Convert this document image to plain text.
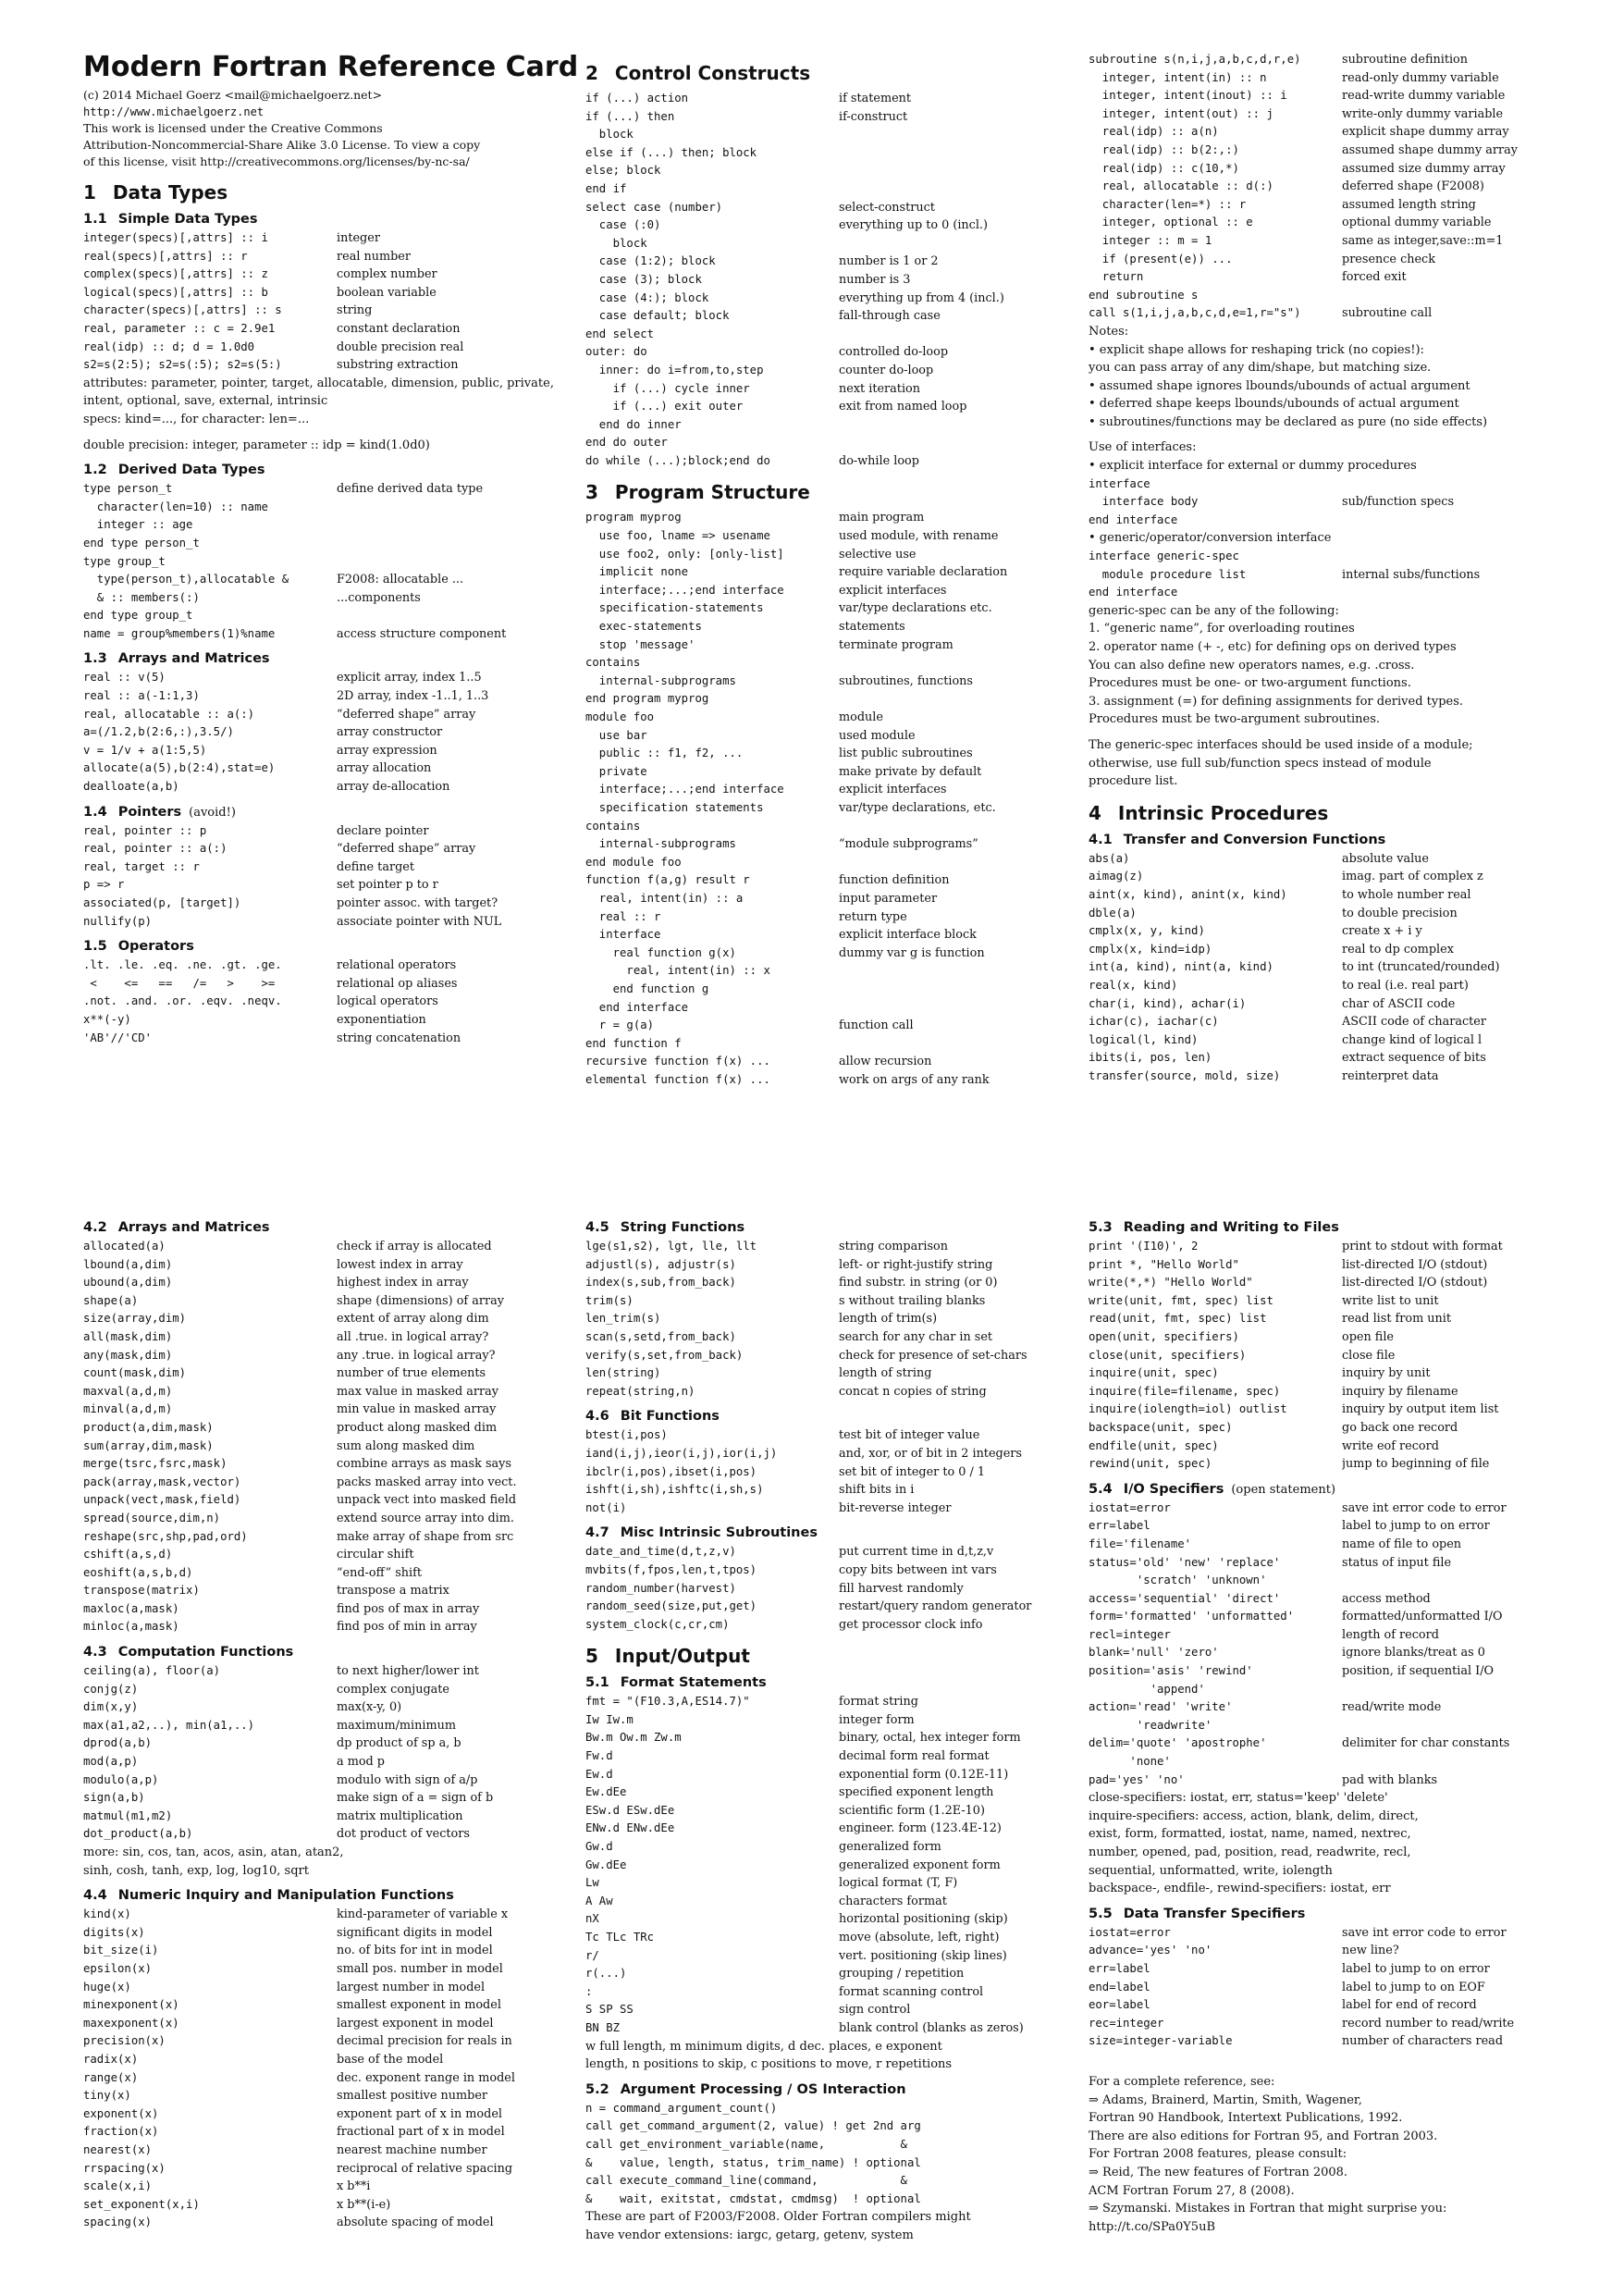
Modern Fortran Reference Card
(c) 2014 Michael Goerz <mail@michaelgoerz.net>
http://www.michaelgoerz.net
This work is licensed under the Creative Commons
Attribution-Noncommercial-Share Alike 3.0 License. To view a copy
of this license, visit http://creativecommons.org/licenses/by-nc-sa/
1 Data Types
1.1 Simple Data Types
integer(specs)[,attrs] :: i	integer
real(specs)[,attrs] :: r	real number
complex(specs)[,attrs] :: z	complex number
logical(specs)[,attrs] :: b	boolean variable
character(specs)[,attrs] :: s	string
real, parameter :: c = 2.9e1	constant declaration
real(idp) :: d; d = 1.0d0	double precision real
s2=s(2:5); s2=s(:5); s2=s(5:)	substring extraction
attributes: parameter, pointer, target, allocatable, dimension, public, private, intent, optional, save, external, intrinsic
specs: kind=..., for character: len=...
double precision: integer, parameter :: idp = kind(1.0d0)
1.2 Derived Data Types
type person_t	define derived data type
character(len=10) :: name
integer :: age
end type person_t
type group_t
type(person_t),allocatable &	F2008: allocatable ...
& :: members(:)	...components
end type group_t
name = group%members(1)%name	access structure component
1.3 Arrays and Matrices
real :: v(5)	explicit array, index 1..5
real :: a(-1:1,3)	2D array, index -1..1, 1..3
real, allocatable :: a(:)	“deferred shape” array
a=(/1.2,b(2:6,:),3.5/)	array constructor
v = 1/v + a(1:5,5)	array expression
allocate(a(5),b(2:4),stat=e)	array allocation
dealloate(a,b)	array de-allocation
1.4 Pointers (avoid!)
real, pointer :: p	declare pointer
real, pointer :: a(:)	“deferred shape” array
real, target :: r	define target
p => r	set pointer p to r
associated(p, [target])	pointer assoc. with target?
nullify(p)	associate pointer with NUL
1.5 Operators
.lt. .le. .eq. .ne. .gt. .ge.	relational operators
<    <=   ==   /=   >    >=	relational op aliases
.not. .and. .or. .eqv. .neqv.	logical operators
x**(-y)	exponentiation
'AB'//'CD'	string concatenation
2 Control Constructs
if (...) action	if statement
if (...) then	if-construct
block
else if (...) then; block
else; block
end if
select case (number)	select-construct
case (:0)	everything up to 0 (incl.)
block
case (1:2); block	number is 1 or 2
case (3); block	number is 3
case (4:); block	everything up from 4 (incl.)
case default; block	fall-through case
end select
outer: do	controlled do-loop
inner: do i=from,to,step	counter do-loop
if (...) cycle inner	next iteration
if (...) exit outer	exit from named loop
end do inner
end do outer
do while (...);block;end do	do-while loop
3 Program Structure
program myprog	main program
use foo, lname => usename	used module, with rename
use foo2, only: [only-list]	selective use
implicit none	require variable declaration
interface;...;end interface	explicit interfaces
specification-statements	var/type declarations etc.
exec-statements	statements
stop 'message'	terminate program
contains
internal-subprograms	subroutines, functions
end program myprog
module foo	module
use bar	used module
public :: f1, f2, ...	list public subroutines
private	make private by default
interface;...;end interface	explicit interfaces
specification statements	var/type declarations, etc.
contains
internal-subprograms	“module subprograms”
end module foo
function f(a,g) result r	function definition
real, intent(in) :: a	input parameter
real :: r	return type
interface	explicit interface block
real function g(x)	dummy var g is function
real, intent(in) :: x
end function g
end interface
r = g(a)	function call
end function f
recursive function f(x) ...	allow recursion
elemental function f(x) ...	work on args of any rank
subroutine s(n,i,j,a,b,c,d,r,e)	subroutine definition
integer, intent(in) :: n	read-only dummy variable
integer, intent(inout) :: i	read-write dummy variable
integer, intent(out) :: j	write-only dummy variable
real(idp) :: a(n)	explicit shape dummy array
real(idp) :: b(2:,:)	assumed shape dummy array
real(idp) :: c(10,*)	assumed size dummy array
real, allocatable :: d(:)	deferred shape (F2008)
character(len=*) :: r	assumed length string
integer, optional :: e	optional dummy variable
integer :: m = 1	same as integer,save::m=1
if (present(e)) ...	presence check
return	forced exit
end subroutine s
call s(1,i,j,a,b,c,d,e=1,r="s")	subroutine call
Notes:
• explicit shape allows for reshaping trick (no copies!):
you can pass array of any dim/shape, but matching size.
• assumed shape ignores lbounds/ubounds of actual argument
• deferred shape keeps lbounds/ubounds of actual argument
• subroutines/functions may be declared as pure (no side effects)
Use of interfaces:
• explicit interface for external or dummy procedures
interface
interface body	sub/function specs
end interface
• generic/operator/conversion interface
interface generic-spec
module procedure list	internal subs/functions
end interface
generic-spec can be any of the following:
1. “generic name”, for overloading routines
2. operator name (+ -, etc) for defining ops on derived types
You can also define new operators names, e.g. .cross.
Procedures must be one- or two-argument functions.
3. assignment (=) for defining assignments for derived types.
Procedures must be two-argument subroutines.
The generic-spec interfaces should be used inside of a module;
otherwise, use full sub/function specs instead of module
procedure list.
4 Intrinsic Procedures
4.1 Transfer and Conversion Functions
abs(a)	absolute value
aimag(z)	imag. part of complex z
aint(x, kind), anint(x, kind)	to whole number real
dble(a)	to double precision
cmplx(x, y, kind)	create x + i y
cmplx(x, kind=idp)	real to dp complex
int(a, kind), nint(a, kind)	to int (truncated/rounded)
real(x, kind)	to real (i.e. real part)
char(i, kind), achar(i)	char of ASCII code
ichar(c), iachar(c)	ASCII code of character
logical(l, kind)	change kind of logical l
ibits(i, pos, len)	extract sequence of bits
transfer(source, mold, size)	reinterpret data
4.2 Arrays and Matrices
allocated(a)	check if array is allocated
lbound(a,dim)	lowest index in array
ubound(a,dim)	highest index in array
shape(a)	shape (dimensions) of array
size(array,dim)	extent of array along dim
all(mask,dim)	all .true. in logical array?
any(mask,dim)	any .true. in logical array?
count(mask,dim)	number of true elements
maxval(a,d,m)	max value in masked array
minval(a,d,m)	min value in masked array
product(a,dim,mask)	product along masked dim
sum(array,dim,mask)	sum along masked dim
merge(tsrc,fsrc,mask)	combine arrays as mask says
pack(array,mask,vector)	packs masked array into vect.
unpack(vect,mask,field)	unpack vect into masked field
spread(source,dim,n)	extend source array into dim.
reshape(src,shp,pad,ord)	make array of shape from src
cshift(a,s,d)	circular shift
eoshift(a,s,b,d)	“end-off” shift
transpose(matrix)	transpose a matrix
maxloc(a,mask)	find pos of max in array
minloc(a,mask)	find pos of min in array
4.3 Computation Functions
ceiling(a), floor(a)	to next higher/lower int
conjg(z)	complex conjugate
dim(x,y)	max(x-y, 0)
max(a1,a2,..), min(a1,..)	maximum/minimum
dprod(a,b)	dp product of sp a, b
mod(a,p)	a mod p
modulo(a,p)	modulo with sign of a/p
sign(a,b)	make sign of a = sign of b
matmul(m1,m2)	matrix multiplication
dot_product(a,b)	dot product of vectors
more: sin, cos, tan, acos, asin, atan, atan2,
sinh, cosh, tanh, exp, log, log10, sqrt
4.4 Numeric Inquiry and Manipulation Functions
kind(x)	kind-parameter of variable x
digits(x)	significant digits in model
bit_size(i)	no. of bits for int in model
epsilon(x)	small pos. number in model
huge(x)	largest number in model
minexponent(x)	smallest exponent in model
maxexponent(x)	largest exponent in model
precision(x)	decimal precision for reals in
radix(x)	base of the model
range(x)	dec. exponent range in model
tiny(x)	smallest positive number
exponent(x)	exponent part of x in model
fraction(x)	fractional part of x in model
nearest(x)	nearest machine number
rrspacing(x)	reciprocal of relative spacing
scale(x,i)	x b**i
set_exponent(x,i)	x b**(i-e)
spacing(x)	absolute spacing of model
4.5 String Functions
lge(s1,s2), lgt, lle, llt	string comparison
adjustl(s), adjustr(s)	left- or right-justify string
index(s,sub,from_back)	find substr. in string (or 0)
trim(s)	s without trailing blanks
len_trim(s)	length of trim(s)
scan(s,setd,from_back)	search for any char in set
verify(s,set,from_back)	check for presence of set-chars
len(string)	length of string
repeat(string,n)	concat n copies of string
4.6 Bit Functions
btest(i,pos)	test bit of integer value
iand(i,j),ieor(i,j),ior(i,j)	and, xor, or of bit in 2 integers
ibclr(i,pos),ibset(i,pos)	set bit of integer to 0 / 1
ishft(i,sh),ishftc(i,sh,s)	shift bits in i
not(i)	bit-reverse integer
4.7 Misc Intrinsic Subroutines
date_and_time(d,t,z,v)	put current time in d,t,z,v
mvbits(f,fpos,len,t,tpos)	copy bits between int vars
random_number(harvest)	fill harvest randomly
random_seed(size,put,get)	restart/query random generator
system_clock(c,cr,cm)	get processor clock info
5 Input/Output
5.1 Format Statements
fmt = "(F10.3,A,ES14.7)"	format string
Iw Iw.m	integer form
Bw.m Ow.m Zw.m	binary, octal, hex integer form
Fw.d	decimal form real format
Ew.d	exponential form (0.12E-11)
Ew.dEe	specified exponent length
ESw.d ESw.dEe	scientific form (1.2E-10)
ENw.d ENw.dEe	engineer. form (123.4E-12)
Gw.d	generalized form
Gw.dEe	generalized exponent form
Lw	logical format (T, F)
A Aw	characters format
nX	horizontal positioning (skip)
Tc TLc TRc	move (absolute, left, right)
r/	vert. positioning (skip lines)
r(...)	grouping / repetition
:	format scanning control
S SP SS	sign control
BN BZ	blank control (blanks as zeros)
w full length, m minimum digits, d dec. places, e exponent
length, n positions to skip, c positions to move, r repetitions
5.2 Argument Processing / OS Interaction
n = command_argument_count()
call get_command_argument(2, value) ! get 2nd arg
call get_environment_variable(name,           &
&    value, length, status, trim_name) ! optional
call execute_command_line(command,            &
&    wait, exitstat, cmdstat, cmdmsg)  ! optional
These are part of F2003/F2008. Older Fortran compilers might
have vendor extensions: iargc, getarg, getenv, system
5.3 Reading and Writing to Files
print '(I10)', 2	print to stdout with format
print *, "Hello World"	list-directed I/O (stdout)
write(*,*) "Hello World"	list-directed I/O (stdout)
write(unit, fmt, spec) list	write list to unit
read(unit, fmt, spec) list	read list from unit
open(unit, specifiers)	open file
close(unit, specifiers)	close file
inquire(unit, spec)	inquiry by unit
inquire(file=filename, spec)	inquiry by filename
inquire(iolength=iol) outlist	inquiry by output item list
backspace(unit, spec)	go back one record
endfile(unit, spec)	write eof record
rewind(unit, spec)	jump to beginning of file
5.4 I/O Specifiers (open statement)
iostat=error	save int error code to error
err=label	label to jump to on error
file='filename'	name of file to open
status='old' 'new' 'replace'	status of input file
'scratch' 'unknown'
access='sequential' 'direct'	access method
form='formatted' 'unformatted'	formatted/unformatted I/O
recl=integer	length of record
blank='null' 'zero'	ignore blanks/treat as 0
position='asis' 'rewind'	position, if sequential I/O
'append'
action='read' 'write'	read/write mode
'readwrite'
delim='quote' 'apostrophe'	delimiter for char constants
'none'
pad='yes' 'no'	pad with blanks
close-specifiers: iostat, err, status='keep' 'delete'
inquire-specifiers: access, action, blank, delim, direct,
exist, form, formatted, iostat, name, named, nextrec,
number, opened, pad, position, read, readwrite, recl,
sequential, unformatted, write, iolength
backspace-, endfile-, rewind-specifiers: iostat, err
5.5 Data Transfer Specifiers
iostat=error	save int error code to error
advance='yes' 'no'	new line?
err=label	label to jump to on error
end=label	label to jump to on EOF
eor=label	label for end of record
rec=integer	record number to read/write
size=integer-variable	number of characters read
For a complete reference, see:
⇒ Adams, Brainerd, Martin, Smith, Wagener,
Fortran 90 Handbook, Intertext Publications, 1992.
There are also editions for Fortran 95, and Fortran 2003.
For Fortran 2008 features, please consult:
⇒ Reid, The new features of Fortran 2008.
ACM Fortran Forum 27, 8 (2008).
⇒ Szymanski. Mistakes in Fortran that might surprise you:
http://t.co/SPa0Y5uB
